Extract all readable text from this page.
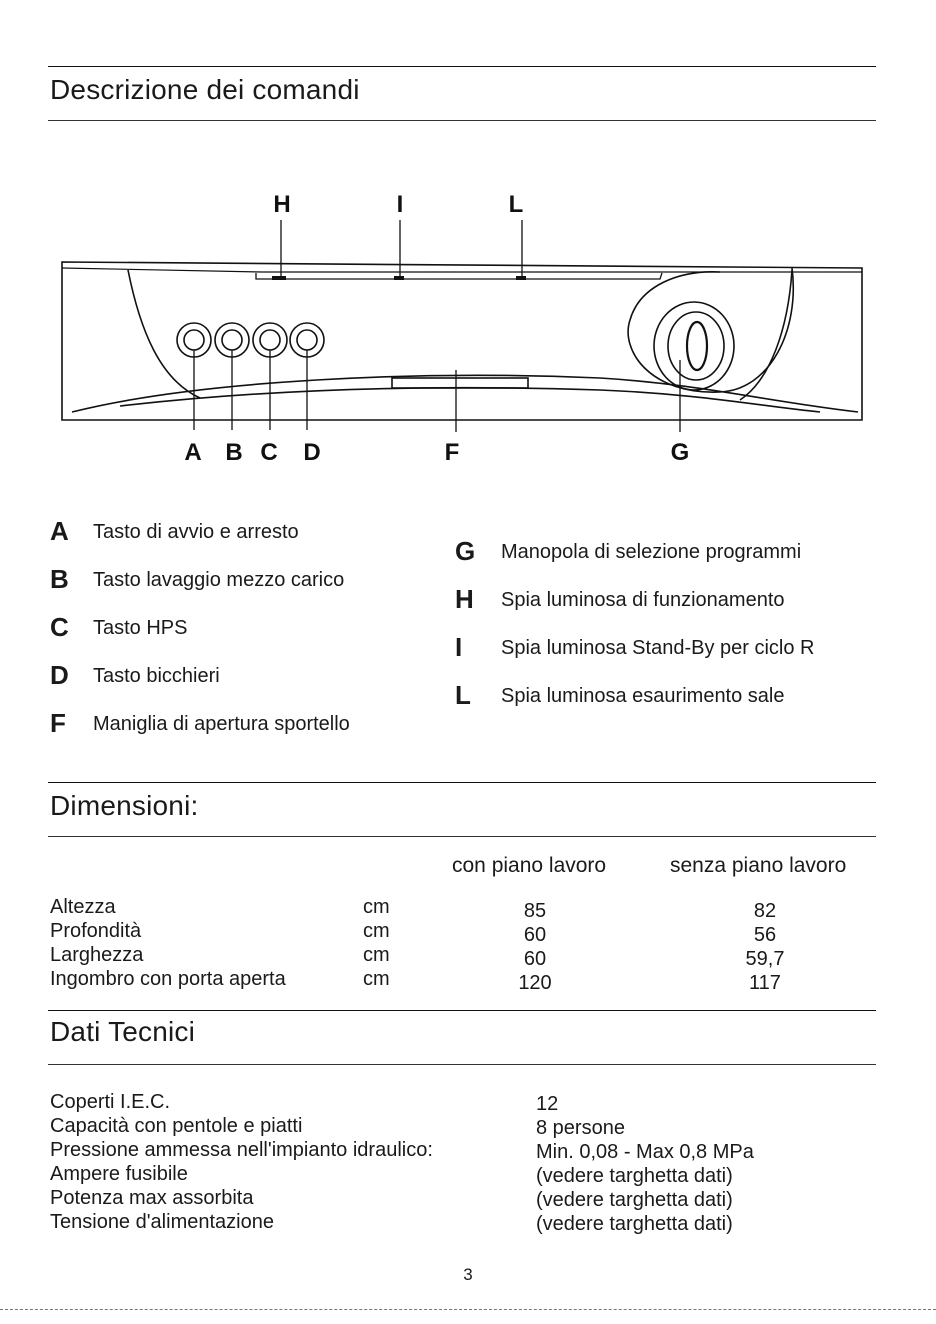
Descrizione dei comandi
H	I	L
A B C D	F	G
A Tasto di avvio e arresto
B Tasto lavaggio mezzo carico
C Tasto HPS
D Tasto bicchieri
F Maniglia di apertura sportello
G Manopola di selezione programmi
H Spia luminosa di funzionamento
I Spia luminosa Stand-By per ciclo R
L Spia luminosa esaurimento sale
Dimensioni:
con piano lavoro	senza piano lavoro
Altezza	cm	85	82
Profondità	cm	60	56
Larghezza	cm	60	59,7
Ingombro con porta aperta	cm	120	117
Dati Tecnici
Coperti I.E.C.	12
Capacità con pentole e piatti	8 persone
Pressione ammessa nell'impianto idraulico:	Min. 0,08 - Max 0,8 MPa
Ampere fusibile	(vedere targhetta dati)
Potenza max assorbita	(vedere targhetta dati)
Tensione d'alimentazione	(vedere targhetta dati)
3
